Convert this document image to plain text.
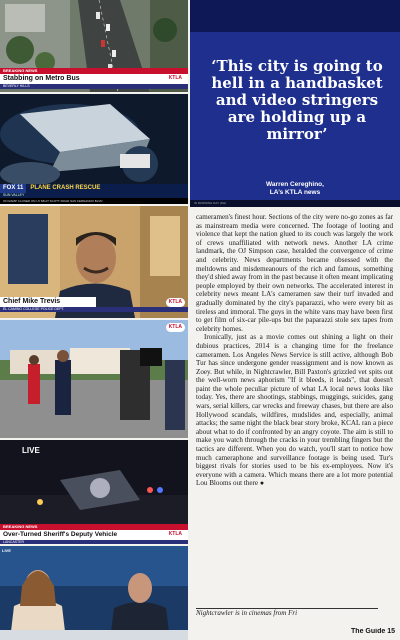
BREAKING NEWS
Stabbing on Metro Bus
BEVERLY HILLS
KTLA
FOX 11	PLANE CRASH RESCUE
SUN VALLEY
ON RAMP CLOSED ON I-5 SB AT SCOTT ROAD SAN FERNANDO BLVD
Chief Mike Trevis
EL CAMINO COLLEGE POLICE DEPT.
KTLA
KTLA
LIVE
BREAKING NEWS
Over-Turned Sheriff's Deputy Vehicle
LANCASTER
KTLA
LIVE
‘This city is going to hell in a handbasket and video stringers are holding up a mirror’
Warren Cereghino,
LA’s KTLA news
IN MORNING DAY (DH)

cameramen's finest hour. Sections of the city were no-go zones as far as mainstream media were concerned. The footage of looting and violence that kept the nation glued to its couch was largely the work of crews unaffiliated with network news. Another LA crime landmark, the OJ Simpson case, heralded the convergence of crime and celebrity. News departments became obsessed with the meltdowns and misdemeanours of the rich and famous, something they'd shied away from in the past because it often meant implicating people employed by their own networks. The accelerated interest in celebrity news meant LA's cameramen saw their turf invaded and gradually dominated by the city's paparazzi, who were every bit as tireless and immoral. The guys in the white vans may have been first to get film of six-car pile-ups but the paparazzi stole sex tapes from celebrity homes.

Ironically, just as a movie comes out shining a light on their dubious practices, 2014 is a changing time for the freelance cameramen. Los Angeles News Service is still active, although Bob Tur has since undergone gender reassignment and is now known as Zoey. But while, in Nightcrawler, Bill Paxton's grizzled vet spits out the well-worn news aphorism "If it bleeds, it leads", that doesn't paint the whole peculiar picture of what LA local news looks like today. Yes, there are shootings, stabbings, muggings, suicides, gang wars, serial killers, car wrecks and freeway chases, but there are also Hollywood scandals, wildfires, mudslides and, especially, animal attacks; the same night the black bear story broke, KCAL ran a piece about what to do if confronted by an angry coyote. The aim is still to make you watch through the cracks in your trembling fingers but the tactics are different. When you do watch, you'll start to notice how much cameraphone and surveillance footage is being used. Tur's biggest rivals for stories used to be his ex-employees. Now it's everyone with a camera. Which means there are a lot more potential Lou Blooms out there ●

Nightcrawler is in cinemas from Fri
The Guide 15
